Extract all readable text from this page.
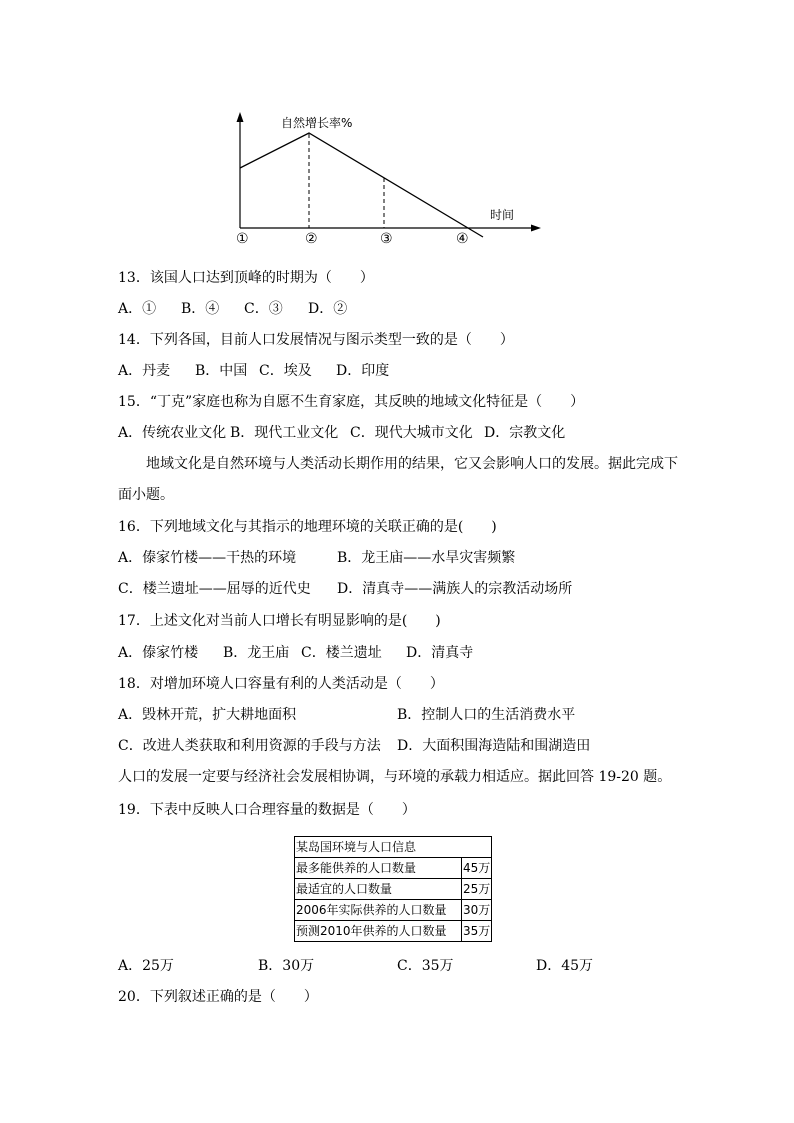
自然增长率%
时间
①	②	③	④
13．该国人口达到顶峰的时期为（　　）
A．① B．④ C．③ D．②
14．下列各国，目前人口发展情况与图示类型一致的是（　　）
A．丹麦 B．中国 C．埃及 D．印度
15．“丁克”家庭也称为自愿不生育家庭，其反映的地域文化特征是（　　）
A．传统农业文化 B．现代工业文化 C．现代大城市文化 D．宗教文化
地域文化是自然环境与人类活动长期作用的结果，它又会影响人口的发展。据此完成下面小题。
16．下列地域文化与其指示的地理环境的关联正确的是(　　)
A．傣家竹楼——干热的环境	B．龙王庙——水旱灾害频繁
C．楼兰遗址——屈辱的近代史 D．清真寺——满族人的宗教活动场所
17．上述文化对当前人口增长有明显影响的是(　　)
A．傣家竹楼 B．龙王庙 C．楼兰遗址 D．清真寺
18．对增加环境人口容量有利的人类活动是（　　）
A．毁林开荒，扩大耕地面积	B．控制人口的生活消费水平
C．改进人类获取和利用资源的手段与方法 D．大面积围海造陆和围湖造田
人口的发展一定要与经济社会发展相协调，与环境的承载力相适应。据此回答 19-20 题。
19．下表中反映人口合理容量的数据是（　　）
某岛国环境与人口信息	
最多能供养的人口数量	45万
最适宜的人口数量	25万
2006年实际供养的人口数量	30万
预测2010年供养的人口数量	35万
A．25万	B．30万	C．35万	D．45万
20．下列叙述正确的是（　　）
